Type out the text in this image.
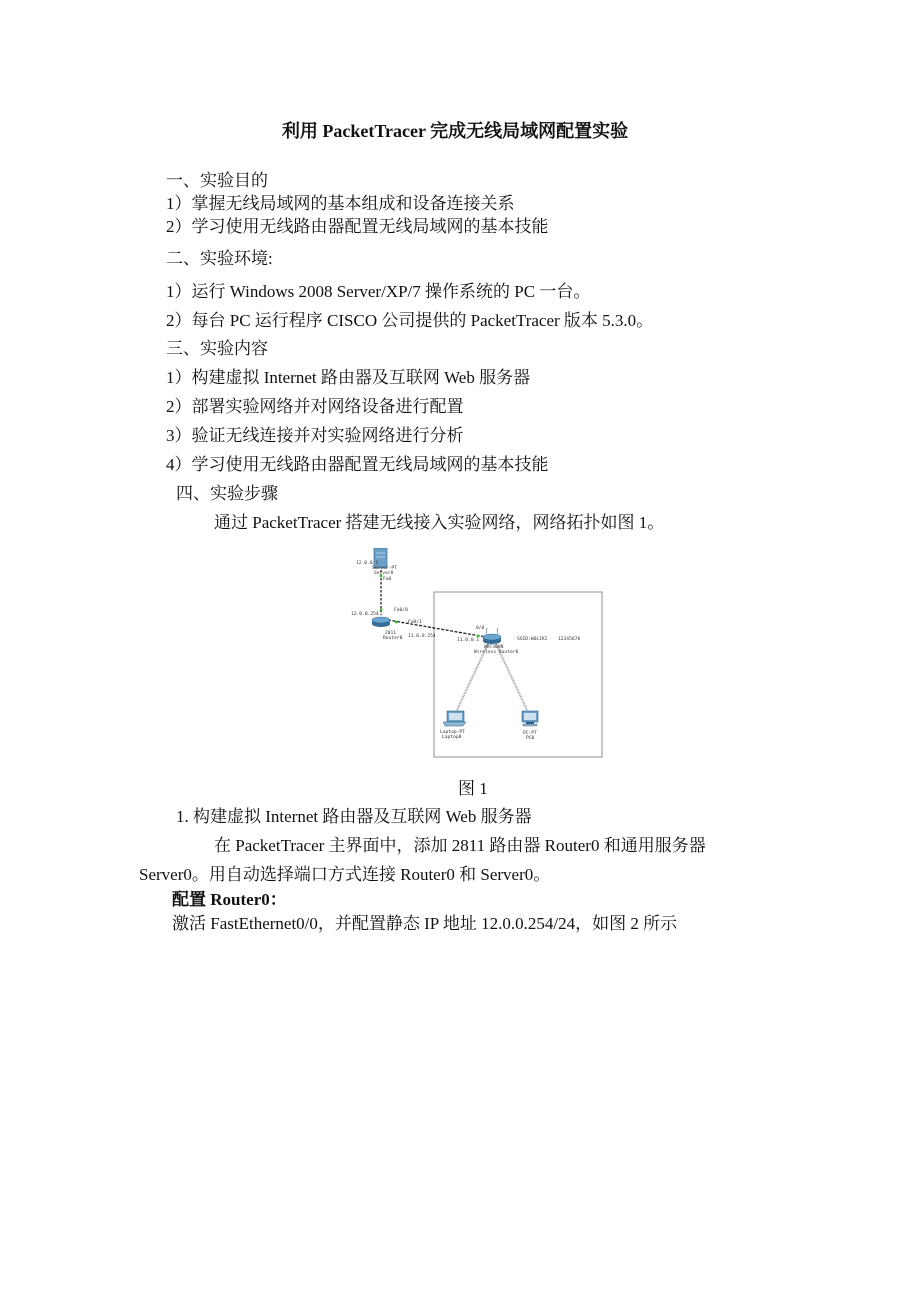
利用 PacketTracer 完成无线局域网配置实验
一、实验目的
1）掌握无线局域网的基本组成和设备连接关系
2）学习使用无线路由器配置无线局域网的基本技能
二、实验环境:
1）运行 Windows 2008 Server/XP/7 操作系统的 PC 一台。
2）每台 PC 运行程序 CISCO 公司提供的 PacketTracer 版本 5.3.0。
三、实验内容
1）构建虚拟 Internet 路由器及互联网 Web 服务器
2）部署实验网络并对网络设备进行配置
3）验证无线连接并对实验网络进行分析
4）学习使用无线路由器配置无线局域网的基本技能
四、实验步骤
通过 PacketTracer 搭建无线接入实验网络，网络拓扑如图 1。
12.0.0.1
Server-PT
Server0
Fa0
12.0.0.254
Fa0/0
Fa0/1
2811
Router0 11.0.0.254
0/0
11.0.0.1
WRT300N
Wireless Router0
SSID:WOLIKI 12345678
Laptop-PT
Laptop0
PC-PT
PC0
图 1
1. 构建虚拟 Internet 路由器及互联网 Web 服务器
在 PacketTracer 主界面中，添加 2811 路由器 Router0 和通用服务器
Server0。用自动选择端口方式连接 Router0 和 Server0。
配置 Router0：
激活 FastEthernet0/0，并配置静态 IP 地址 12.0.0.254/24，如图 2 所示
